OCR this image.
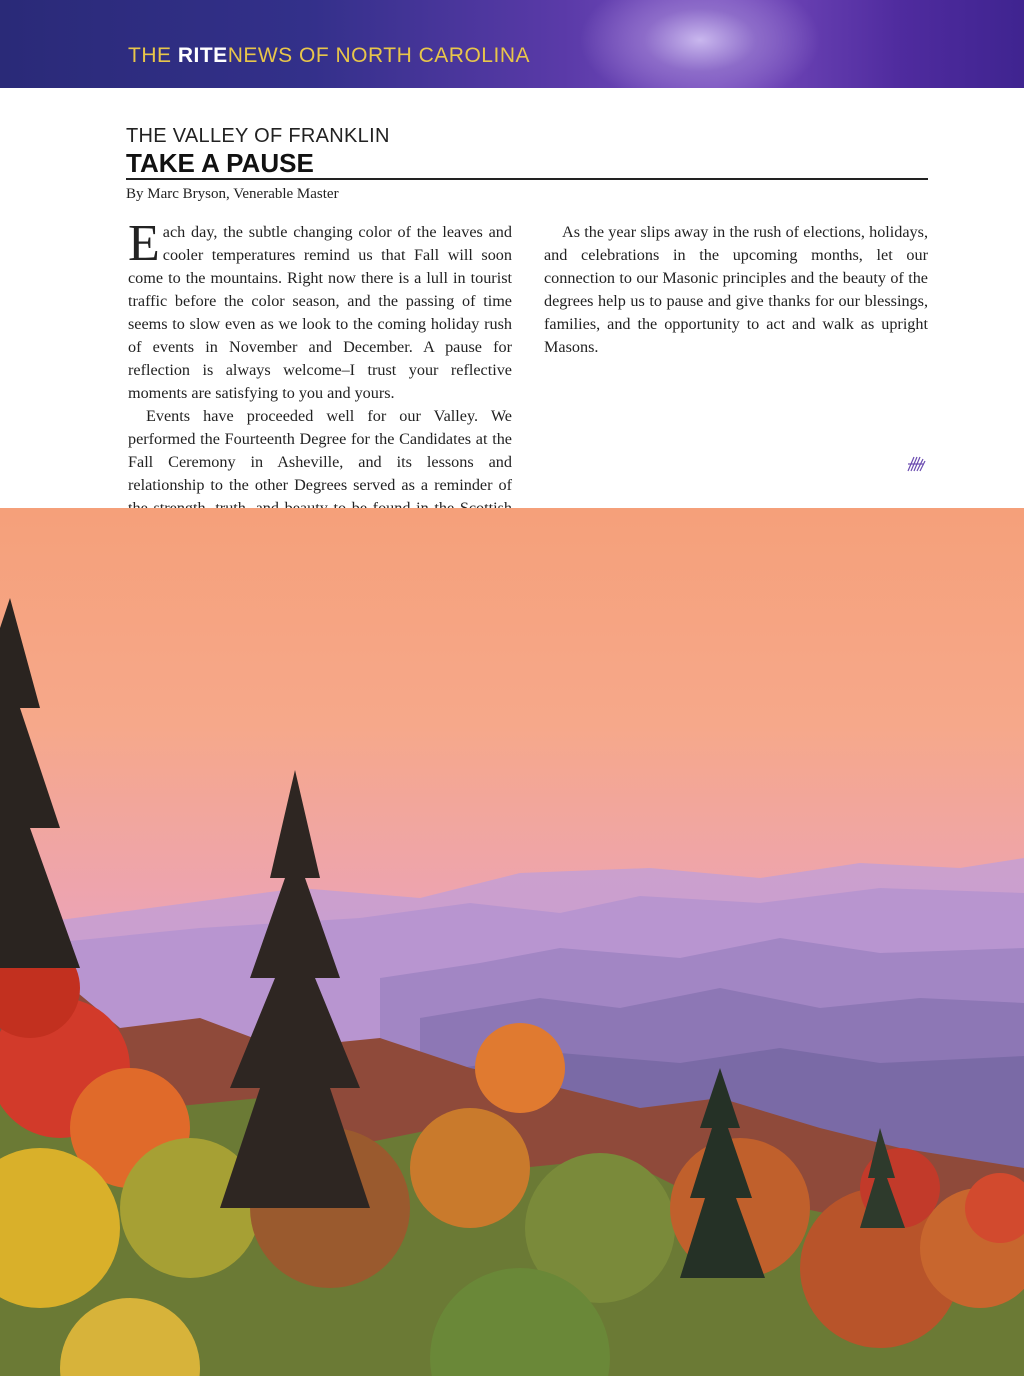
THE RITENEWS OF NORTH CAROLINA
THE VALLEY OF FRANKLIN
TAKE A PAUSE
By Marc Bryson, Venerable Master

Each day, the subtle changing color of the leaves and cooler temperatures remind us that Fall will soon come to the mountains. Right now there is a lull in tourist traffic before the color season, and the passing of time seems to slow even as we look to the coming holiday rush of events in November and December. A pause for reflection is always welcome–I trust your reflective moments are satisfying to you and yours.

Events have proceeded well for our Valley. We performed the Fourteenth Degree for the Candidates at the Fall Ceremony in Asheville, and its lessons and relationship to the other Degrees served as a reminder of

As the year slips away in the rush of elections, holidays, and celebrations in the upcoming months, let our connection to our Masonic principles and the beauty of the degrees help us to pause and give thanks for our blessings, families, and the opportunity to act and walk as upright Masons.
